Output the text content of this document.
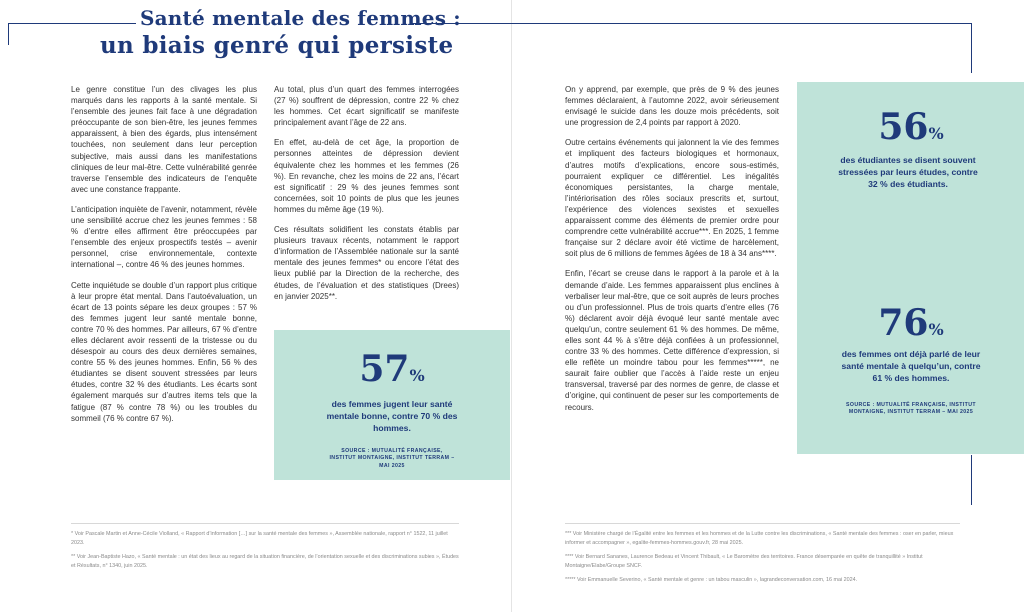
Santé mentale des femmes :
un biais genré qui persiste

Le genre constitue l’un des clivages les plus marqués dans les rapports à la santé mentale. Si l’ensemble des jeunes fait face à une dégradation préoccupante de son bien-être, les jeunes femmes apparaissent, à bien des égards, plus intensément touchées, non seulement dans leur perception subjective, mais aussi dans les manifestations cliniques de leur mal-être. Cette vulnérabilité genrée traverse l’ensemble des indicateurs de l’enquête avec une constance frappante.

L’anticipation inquiète de l’avenir, notamment, révèle une sensibilité accrue chez les jeunes femmes : 58 % d’entre elles affirment être préoccupées par l’ensemble des enjeux prospectifs testés – avenir personnel, crise environnementale, contexte international –, contre 46 % des jeunes hommes.

Cette inquiétude se double d’un rapport plus critique à leur propre état mental. Dans l’autoévaluation, un écart de 13 points sépare les deux groupes : 57 % des femmes jugent leur santé mentale bonne, contre 70 % des hommes. Par ailleurs, 67 % d’entre elles déclarent avoir ressenti de la tristesse ou du désespoir au cours des deux dernières semaines, contre 55 % des jeunes hommes. Enfin, 56 % des étudiantes se disent souvent stressées par leurs études, contre 32 % des étudiants. Les écarts sont également marqués sur d’autres items tels que la fatigue (87 % contre 78 %) ou les troubles du sommeil (76 % contre 67 %).

Au total, plus d’un quart des femmes interrogées (27 %) souffrent de dépression, contre 22 % chez les hommes. Cet écart significatif se manifeste principalement avant l’âge de 22 ans.

En effet, au-delà de cet âge, la proportion de personnes atteintes de dépression devient équivalente chez les hommes et les femmes (26 %). En revanche, chez les moins de 22 ans, l’écart est significatif : 29 % des jeunes femmes sont concernées, soit 10 points de plus que les jeunes hommes du même âge (19 %).

Ces résultats solidifient les constats établis par plusieurs travaux récents, notamment le rapport d’information de l’Assemblée nationale sur la santé mentale des jeunes femmes* ou encore l’état des lieux publié par la Direction de la recherche, des études, de l’évaluation et des statistiques (Drees) en janvier 2025**.

57%
des femmes jugent leur santé mentale bonne, contre 70 % des hommes.
SOURCE : MUTUALITÉ FRANÇAISE, INSTITUT MONTAIGNE, INSTITUT TERRAM – MAI 2025

On y apprend, par exemple, que près de 9 % des jeunes femmes déclaraient, à l’automne 2022, avoir sérieusement envisagé le suicide dans les douze mois précédents, soit une progression de 2,4 points par rapport à 2020.

Outre certains événements qui jalonnent la vie des femmes et impliquent des facteurs biologiques et hormonaux, d’autres motifs d’explications, encore sous-estimés, pourraient expliquer ce différentiel. Les inégalités économiques persistantes, la charge mentale, l’intériorisation des rôles sociaux prescrits et, surtout, l’expérience des violences sexistes et sexuelles apparaissent comme des éléments de premier ordre pour comprendre cette vulnérabilité accrue***. En 2025, 1 femme française sur 2 déclare avoir été victime de harcèlement, soit plus de 6 millions de femmes âgées de 18 à 34 ans****.

Enfin, l’écart se creuse dans le rapport à la parole et à la demande d’aide. Les femmes apparaissent plus enclines à verbaliser leur mal-être, que ce soit auprès de leurs proches ou d’un professionnel. Plus de trois quarts d’entre elles (76 %) déclarent avoir déjà évoqué leur santé mentale avec quelqu’un, contre seulement 61 % des hommes. De même, elles sont 44 % à s’être déjà confiées à un professionnel, contre 33 % des hommes. Cette différence d’expression, si elle reflète un moindre tabou pour les femmes*****, ne saurait faire oublier que l’accès à l’aide reste un enjeu transversal, traversé par des normes de genre, de classe et d’origine, qui continuent de peser sur les comportements de recours.

56%
des étudiantes se disent souvent stressées par leurs études, contre 32 % des étudiants.
76%
des femmes ont déjà parlé de leur santé mentale à quelqu’un, contre 61 % des hommes.
SOURCE : MUTUALITÉ FRANÇAISE, INSTITUT MONTAIGNE, INSTITUT TERRAM – MAI 2025

* Voir Pascale Martin et Anne-Cécile Violland, « Rapport d’information […] sur la santé mentale des femmes », Assemblée nationale, rapport n° 1522, 11 juillet 2023.

** Voir Jean-Baptiste Hazo, « Santé mentale : un état des lieux au regard de la situation financière, de l’orientation sexuelle et des discriminations subies », Études et Résultats, n° 1340, juin 2025.

*** Voir Ministère chargé de l’Égalité entre les femmes et les hommes et de la Lutte contre les discriminations, « Santé mentale des femmes : oser en parler, mieux informer et accompagner », egalite-femmes-hommes.gouv.fr, 28 mai 2025.

**** Voir Bernard Sananes, Laurence Bedeau et Vincent Thibault, « Le Baromètre des territoires. France désemparée en quête de tranquillité » Institut Montaigne/Elabe/Groupe SNCF.

***** Voir Emmanuelle Severino, « Santé mentale et genre : un tabou masculin », lagrandeconversation.com, 16 mai 2024.
